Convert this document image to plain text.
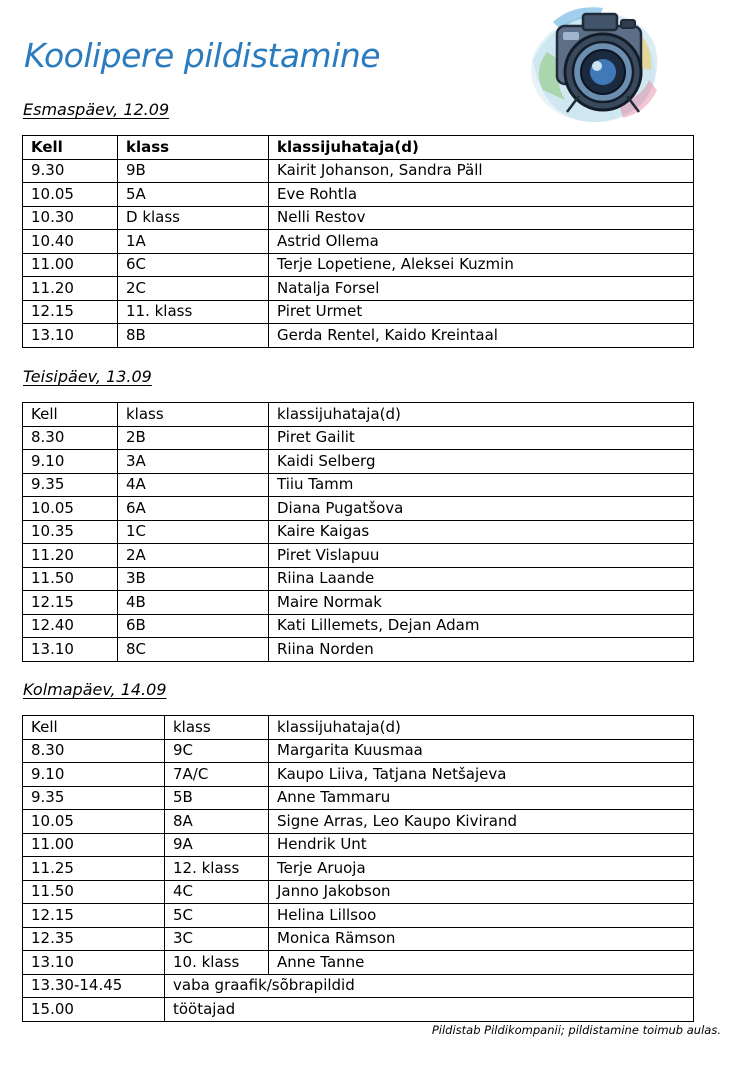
Koolipere pildistamine
Esmaspäev, 12.09
Kell	klass	klassijuhataja(d)
9.30	9B	Kairit Johanson, Sandra Päll
10.05	5A	Eve Rohtla
10.30	D klass	Nelli Restov
10.40	1A	Astrid Ollema
11.00	6C	Terje Lopetiene, Aleksei Kuzmin
11.20	2C	Natalja Forsel
12.15	11. klass	Piret Urmet
13.10	8B	Gerda Rentel, Kaido Kreintaal
Teisipäev, 13.09
Kell	klass	klassijuhataja(d)
8.30	2B	Piret Gailit
9.10	3A	Kaidi Selberg
9.35	4A	Tiiu Tamm
10.05	6A	Diana Pugatšova
10.35	1C	Kaire Kaigas
11.20	2A	Piret Vislapuu
11.50	3B	Riina Laande
12.15	4B	Maire Normak
12.40	6B	Kati Lillemets, Dejan Adam
13.10	8C	Riina Norden
Kolmapäev, 14.09
Kell	klass	klassijuhataja(d)
8.30	9C	Margarita Kuusmaa
9.10	7A/C	Kaupo Liiva, Tatjana Netšajeva
9.35	5B	Anne Tammaru
10.05	8A	Signe Arras, Leo Kaupo Kivirand
11.00	9A	Hendrik Unt
11.25	12. klass	Terje Aruoja
11.50	4C	Janno Jakobson
12.15	5C	Helina Lillsoo
12.35	3C	Monica Rämson
13.10	10. klass	Anne Tanne
13.30-14.45	vaba graafik/sõbrapildid	
15.00	töötajad	
Pildistab Pildikompanii; pildistamine toimub aulas.
